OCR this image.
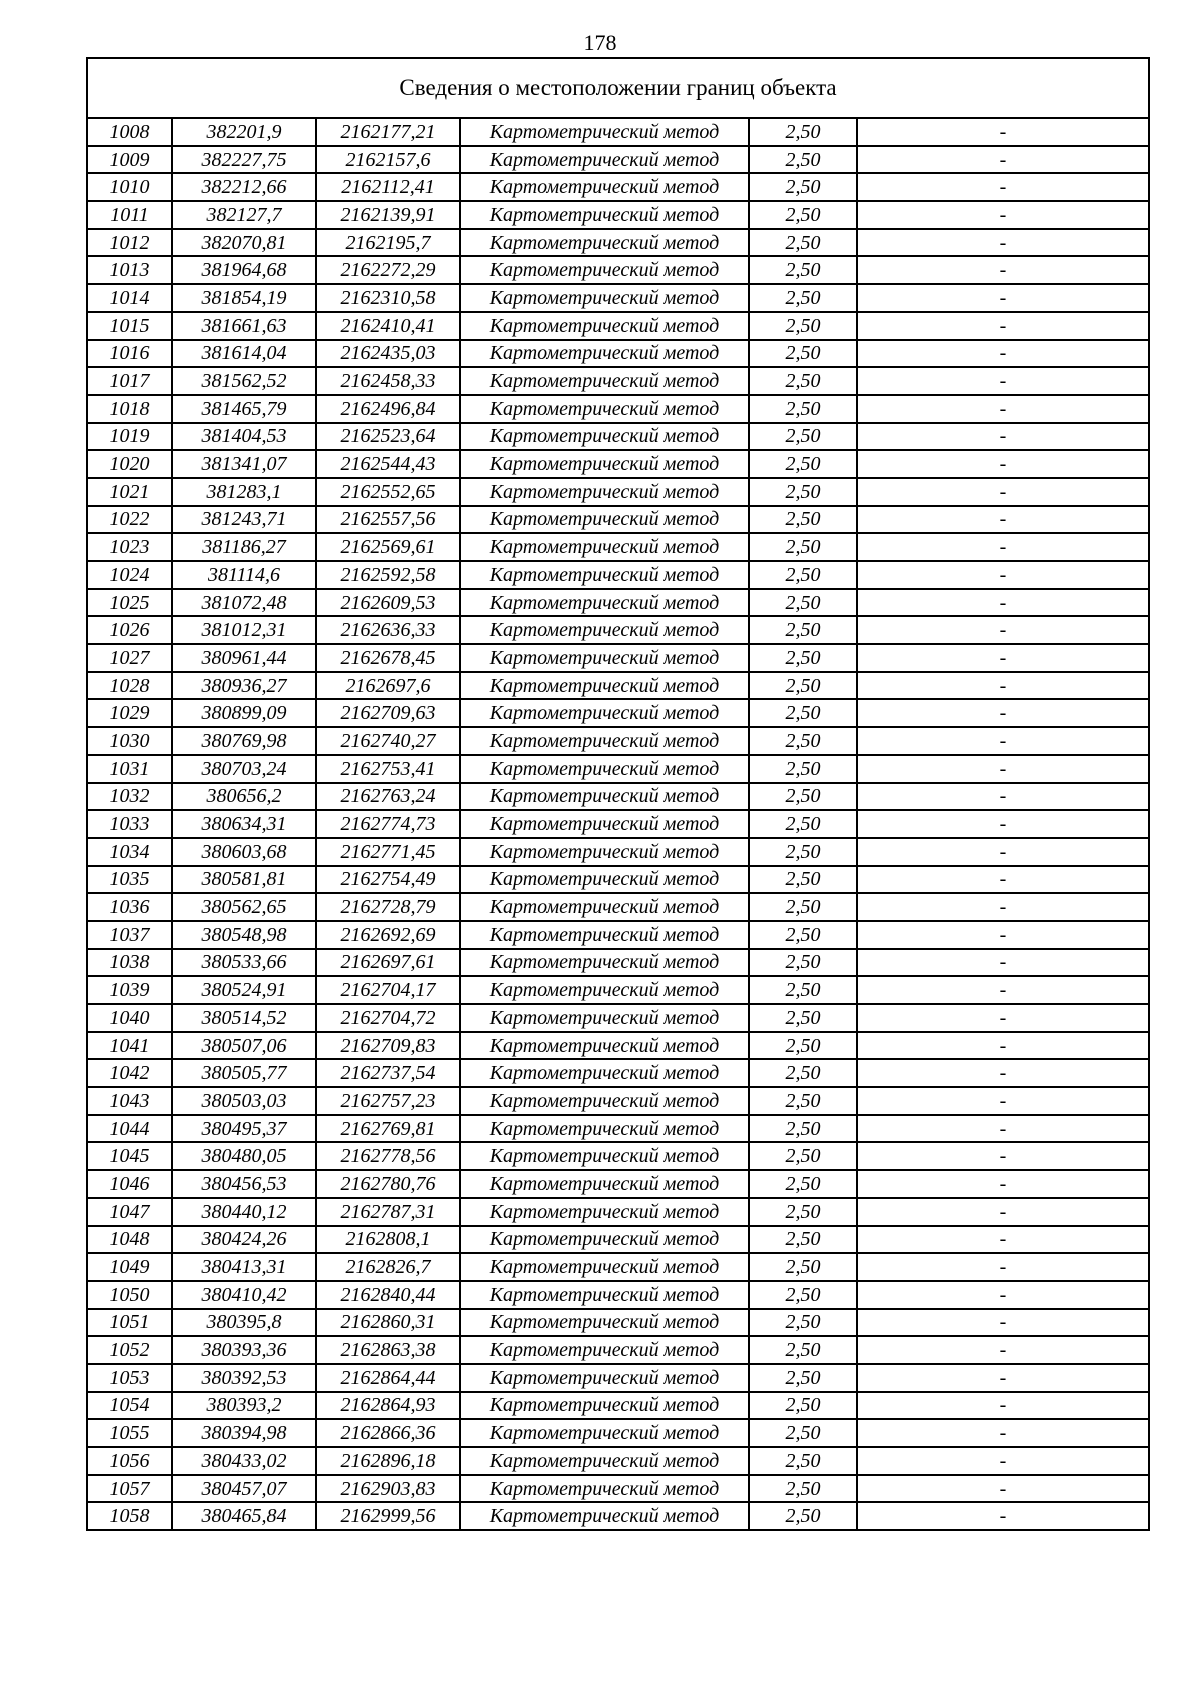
178
Сведения о местоположении границ объекта					
1008	382201,9	2162177,21	Картометрический метод	2,50	-
1009	382227,75	2162157,6	Картометрический метод	2,50	-
1010	382212,66	2162112,41	Картометрический метод	2,50	-
1011	382127,7	2162139,91	Картометрический метод	2,50	-
1012	382070,81	2162195,7	Картометрический метод	2,50	-
1013	381964,68	2162272,29	Картометрический метод	2,50	-
1014	381854,19	2162310,58	Картометрический метод	2,50	-
1015	381661,63	2162410,41	Картометрический метод	2,50	-
1016	381614,04	2162435,03	Картометрический метод	2,50	-
1017	381562,52	2162458,33	Картометрический метод	2,50	-
1018	381465,79	2162496,84	Картометрический метод	2,50	-
1019	381404,53	2162523,64	Картометрический метод	2,50	-
1020	381341,07	2162544,43	Картометрический метод	2,50	-
1021	381283,1	2162552,65	Картометрический метод	2,50	-
1022	381243,71	2162557,56	Картометрический метод	2,50	-
1023	381186,27	2162569,61	Картометрический метод	2,50	-
1024	381114,6	2162592,58	Картометрический метод	2,50	-
1025	381072,48	2162609,53	Картометрический метод	2,50	-
1026	381012,31	2162636,33	Картометрический метод	2,50	-
1027	380961,44	2162678,45	Картометрический метод	2,50	-
1028	380936,27	2162697,6	Картометрический метод	2,50	-
1029	380899,09	2162709,63	Картометрический метод	2,50	-
1030	380769,98	2162740,27	Картометрический метод	2,50	-
1031	380703,24	2162753,41	Картометрический метод	2,50	-
1032	380656,2	2162763,24	Картометрический метод	2,50	-
1033	380634,31	2162774,73	Картометрический метод	2,50	-
1034	380603,68	2162771,45	Картометрический метод	2,50	-
1035	380581,81	2162754,49	Картометрический метод	2,50	-
1036	380562,65	2162728,79	Картометрический метод	2,50	-
1037	380548,98	2162692,69	Картометрический метод	2,50	-
1038	380533,66	2162697,61	Картометрический метод	2,50	-
1039	380524,91	2162704,17	Картометрический метод	2,50	-
1040	380514,52	2162704,72	Картометрический метод	2,50	-
1041	380507,06	2162709,83	Картометрический метод	2,50	-
1042	380505,77	2162737,54	Картометрический метод	2,50	-
1043	380503,03	2162757,23	Картометрический метод	2,50	-
1044	380495,37	2162769,81	Картометрический метод	2,50	-
1045	380480,05	2162778,56	Картометрический метод	2,50	-
1046	380456,53	2162780,76	Картометрический метод	2,50	-
1047	380440,12	2162787,31	Картометрический метод	2,50	-
1048	380424,26	2162808,1	Картометрический метод	2,50	-
1049	380413,31	2162826,7	Картометрический метод	2,50	-
1050	380410,42	2162840,44	Картометрический метод	2,50	-
1051	380395,8	2162860,31	Картометрический метод	2,50	-
1052	380393,36	2162863,38	Картометрический метод	2,50	-
1053	380392,53	2162864,44	Картометрический метод	2,50	-
1054	380393,2	2162864,93	Картометрический метод	2,50	-
1055	380394,98	2162866,36	Картометрический метод	2,50	-
1056	380433,02	2162896,18	Картометрический метод	2,50	-
1057	380457,07	2162903,83	Картометрический метод	2,50	-
1058	380465,84	2162999,56	Картометрический метод	2,50	-
